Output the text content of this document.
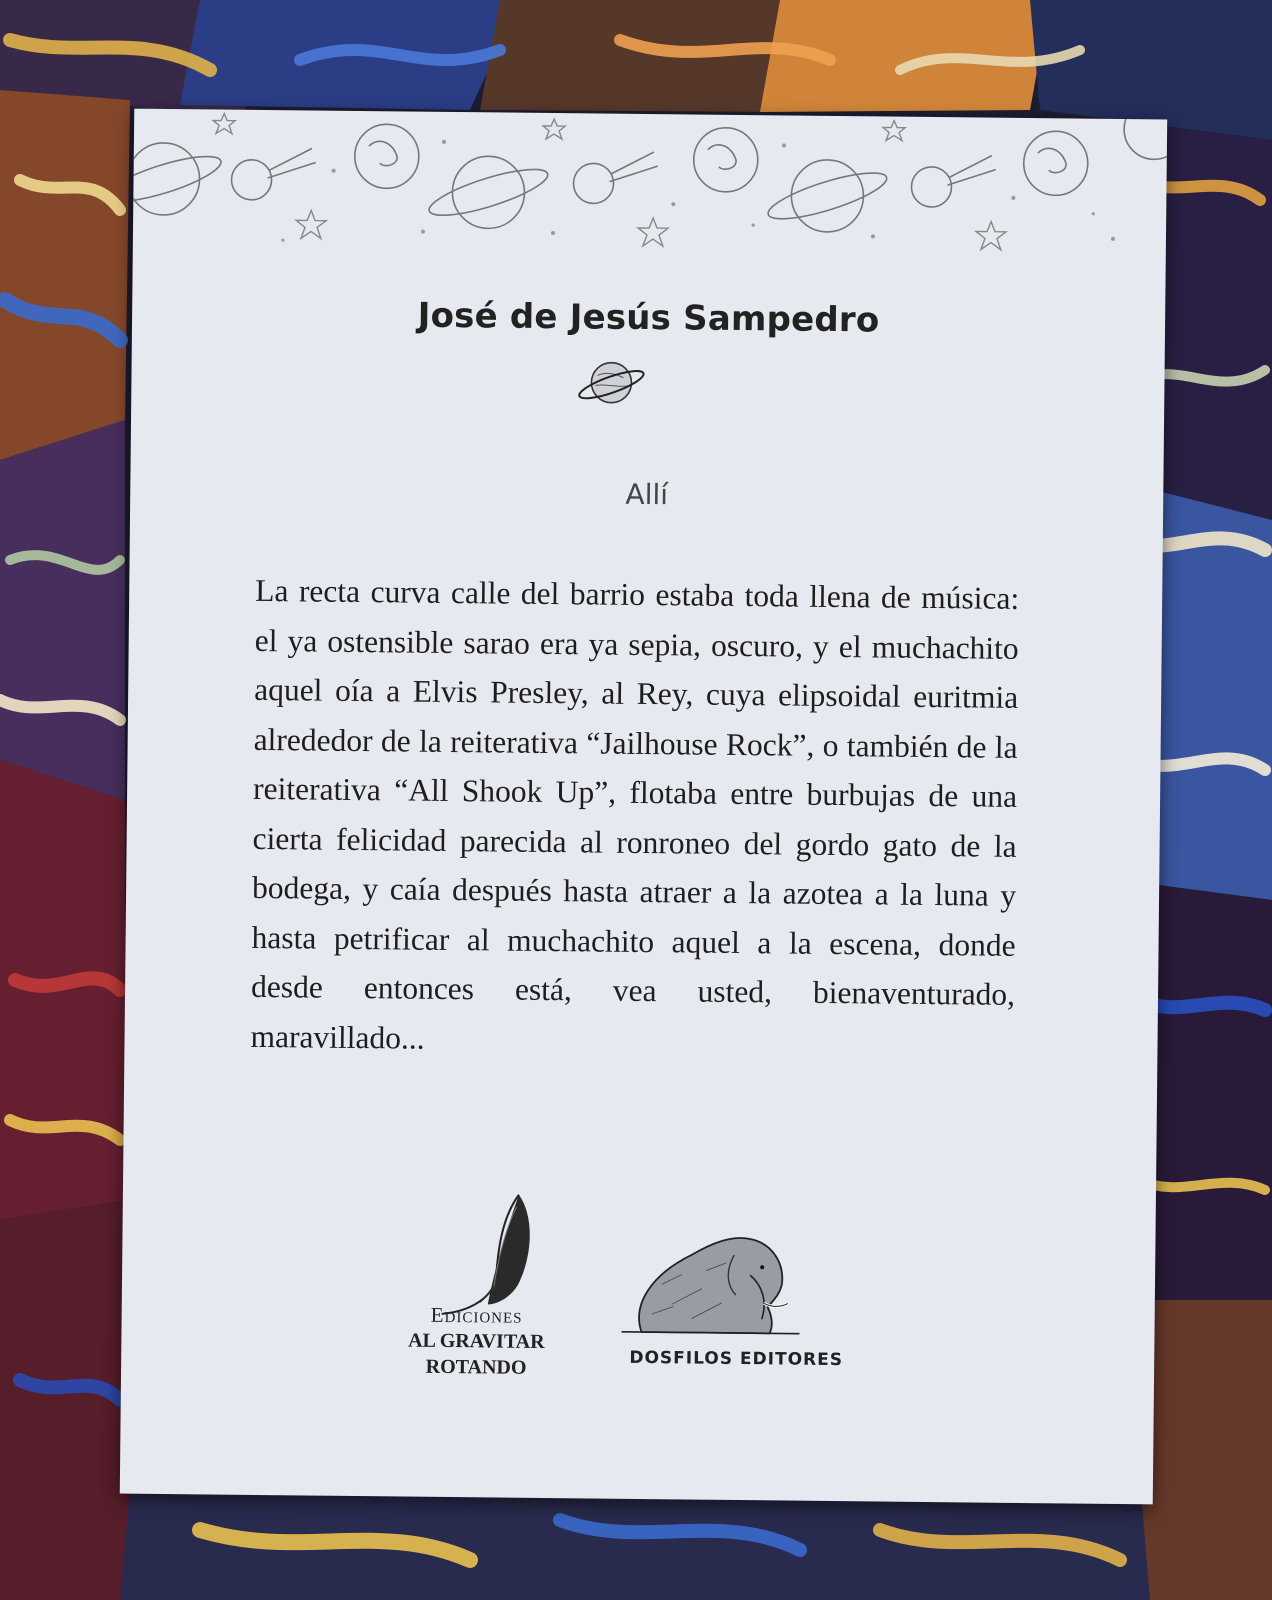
José de Jesús Sampedro
Allí
La recta curva calle del barrio estaba toda llena de música: el ya ostensible sarao era ya sepia, oscuro, y el muchachito aquel oía a Elvis Presley, al Rey, cuya elipsoidal euritmia alrededor de la reiterativa “Jailhouse Rock”, o también de la reiterativa “All Shook Up”, flotaba entre burbujas de una cierta felicidad parecida al ronroneo del gordo gato de la bodega, y caía después hasta atraer a la azotea a la luna y hasta petrificar al muchachito aquel a la escena, donde desde entonces está, vea usted, bienaventurado, maravillado...
Ediciones
AL GRAVITAR
ROTANDO	DOSFILOS EDITORES
